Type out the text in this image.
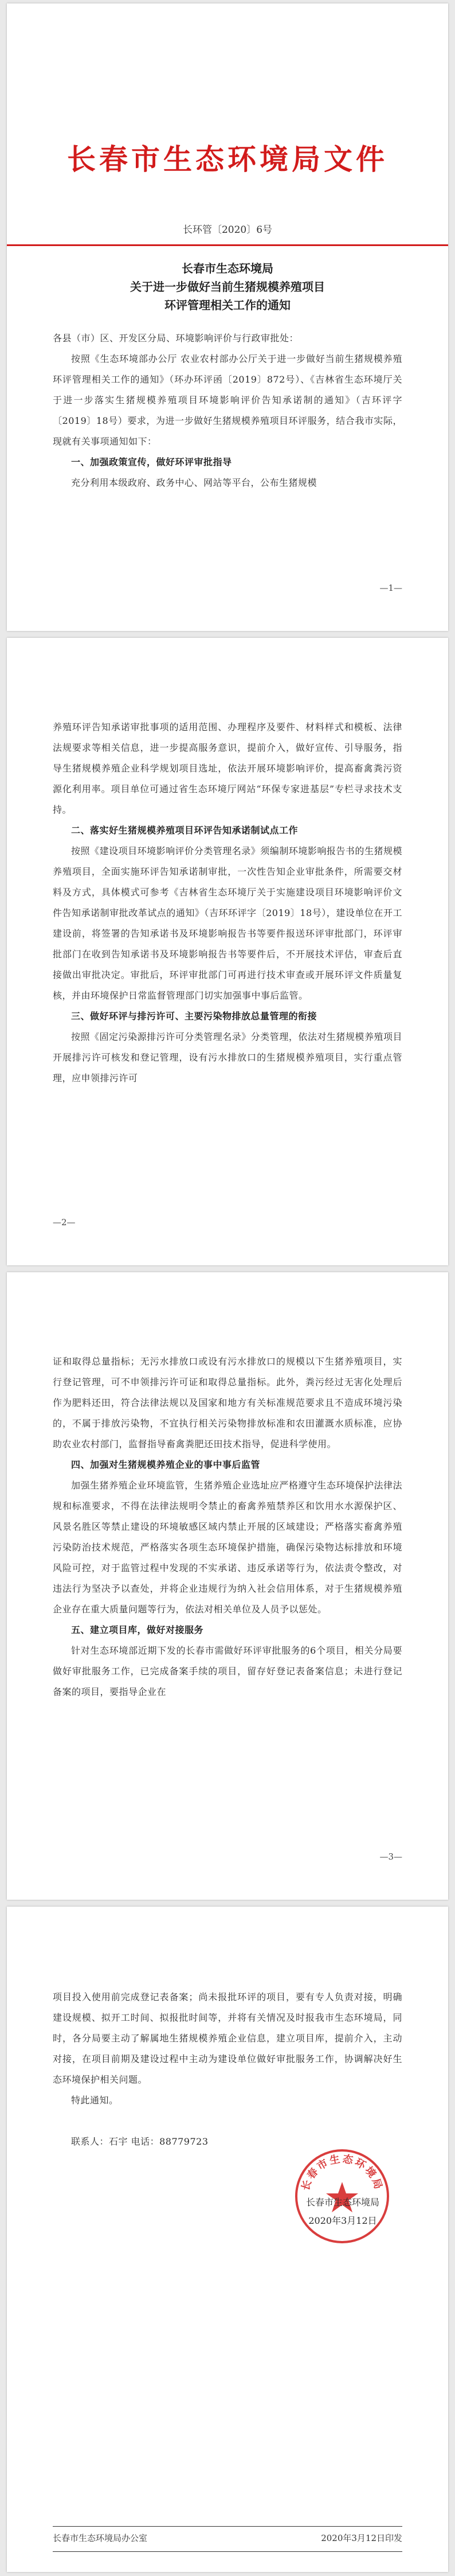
长春市生态环境局文件
长环管〔2020〕6号
长春市生态环境局
关于进一步做好当前生猪规模养殖项目
环评管理相关工作的通知

各县（市）区、开发区分局、环境影响评价与行政审批处：

按照《生态环境部办公厅 农业农村部办公厅关于进一步做好当前生猪规模养殖环评管理相关工作的通知》（环办环评函〔2019〕872号）、《吉林省生态环境厅关于进一步落实生猪规模养殖项目环境影响评价告知承诺制的通知》（吉环评字〔2019〕18号）要求，为进一步做好生猪规模养殖项目环评服务，结合我市实际，现就有关事项通知如下：

一、加强政策宣传，做好环评审批指导

充分利用本级政府、政务中心、网站等平台，公布生猪规模

—1—

养殖环评告知承诺审批事项的适用范围、办理程序及要件、材料样式和模板、法律法规要求等相关信息，进一步提高服务意识，提前介入，做好宣传、引导服务，指导生猪规模养殖企业科学规划项目选址，依法开展环境影响评价，提高畜禽粪污资源化利用率。项目单位可通过省生态环境厅网站“环保专家进基层”专栏寻求技术支持。

二、落实好生猪规模养殖项目环评告知承诺制试点工作

按照《建设项目环境影响评价分类管理名录》须编制环境影响报告书的生猪规模养殖项目，全面实施环评告知承诺制审批，一次性告知企业审批条件，所需要交材料及方式，具体模式可参考《吉林省生态环境厅关于实施建设项目环境影响评价文件告知承诺制审批改革试点的通知》（吉环环评字〔2019〕18号），建设单位在开工建设前，将签署的告知承诺书及环境影响报告书等要件报送环评审批部门，环评审批部门在收到告知承诺书及环境影响报告书等要件后，不开展技术评估，审查后直接做出审批决定。审批后，环评审批部门可再进行技术审查或开展环评文件质量复核，并由环境保护日常监督管理部门切实加强事中事后监管。

三、做好环评与排污许可、主要污染物排放总量管理的衔接

按照《固定污染源排污许可分类管理名录》分类管理，依法对生猪规模养殖项目开展排污许可核发和登记管理，设有污水排放口的生猪规模养殖项目，实行重点管理，应申领排污许可

—2—

证和取得总量指标；无污水排放口或设有污水排放口的规模以下生猪养殖项目，实行登记管理，可不申领排污许可证和取得总量指标。此外，粪污经过无害化处理后作为肥料还田，符合法律法规以及国家和地方有关标准规范要求且不造成环境污染的，不属于排放污染物，不宜执行相关污染物排放标准和农田灌溉水质标准，应协助农业农村部门，监督指导畜禽粪肥还田技术指导，促进科学使用。

四、加强对生猪规模养殖企业的事中事后监管

加强生猪养殖企业环境监管，生猪养殖企业选址应严格遵守生态环境保护法律法规和标准要求，不得在法律法规明令禁止的畜禽养殖禁养区和饮用水水源保护区、风景名胜区等禁止建设的环境敏感区域内禁止开展的区域建设；严格落实畜禽养殖污染防治技术规范，严格落实各项生态环境保护措施，确保污染物达标排放和环境风险可控，对于监管过程中发现的不实承诺、违反承诺等行为，依法责令整改，对违法行为坚决予以查处，并将企业违规行为纳入社会信用体系，对于生猪规模养殖企业存在重大质量问题等行为，依法对相关单位及人员予以惩处。

五、建立项目库，做好对接服务

针对生态环境部近期下发的长春市需做好环评审批服务的6个项目，相关分局要做好审批服务工作，已完成备案手续的项目，留存好登记表备案信息；未进行登记备案的项目，要指导企业在

—3—

项目投入使用前完成登记表备案；尚未报批环评的项目，要有专人负责对接，明确建设规模、拟开工时间、拟报批时间等，并将有关情况及时报我市生态环境局，同时，各分局要主动了解属地生猪规模养殖企业信息，建立项目库，提前介入，主动对接，在项目前期及建设过程中主动为建设单位做好审批服务工作，协调解决好生态环境保护相关问题。

特此通知。

联系人：石宇 电话：88779723

长春市生态环境局
长春市生态环境局
2020年3月12日
长春市生态环境局办公室	2020年3月12日印发
